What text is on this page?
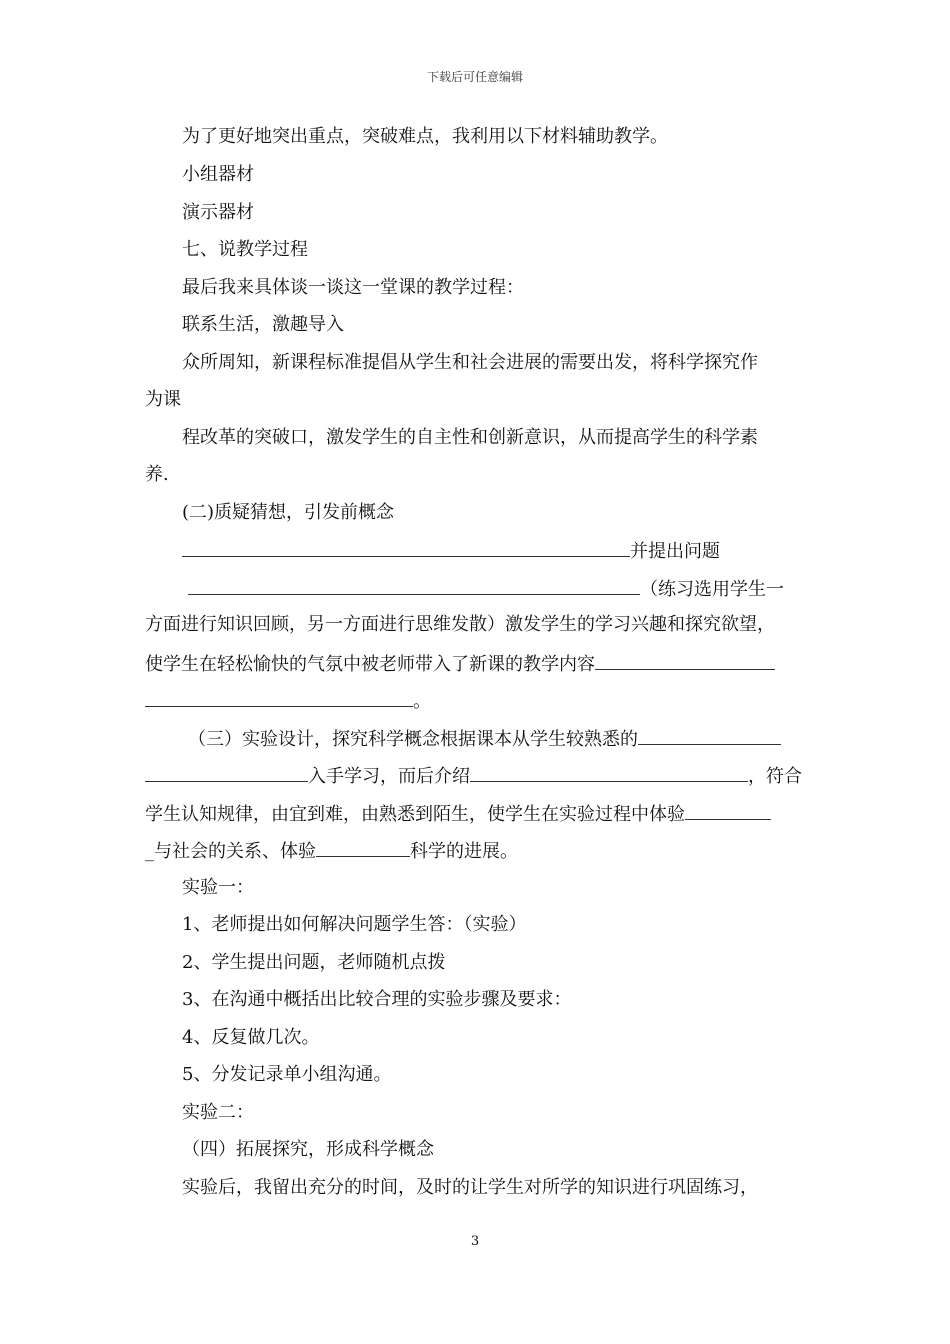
下载后可任意编辑
为了更好地突出重点，突破难点，我利用以下材料辅助教学。
小组器材
演示器材
七、说教学过程
最后我来具体谈一谈这一堂课的教学过程：
联系生活，激趣导入
众所周知，新课程标准提倡从学生和社会进展的需要出发，将科学探究作
为课
程改革的突破口，激发学生的自主性和创新意识，从而提高学生的科学素
养.
(二)质疑猜想，引发前概念
并提出问题
（练习选用学生一
方面进行知识回顾，另一方面进行思维发散）激发学生的学习兴趣和探究欲望，
使学生在轻松愉快的气氛中被老师带入了新课的教学内容
。
（三）实验设计，探究科学概念根据课本从学生较熟悉的
入手学习，而后介绍	，符合
学生认知规律，由宜到难，由熟悉到陌生，使学生在实验过程中体验
_与社会的关系、体验	科学的进展。
实验一：
1、老师提出如何解决问题学生答：（实验）
2、学生提出问题，老师随机点拨
3、在沟通中概括出比较合理的实验步骤及要求：
4、反复做几次。
5、分发记录单小组沟通。
实验二：
（四）拓展探究，形成科学概念
实验后，我留出充分的时间，及时的让学生对所学的知识进行巩固练习，
3
